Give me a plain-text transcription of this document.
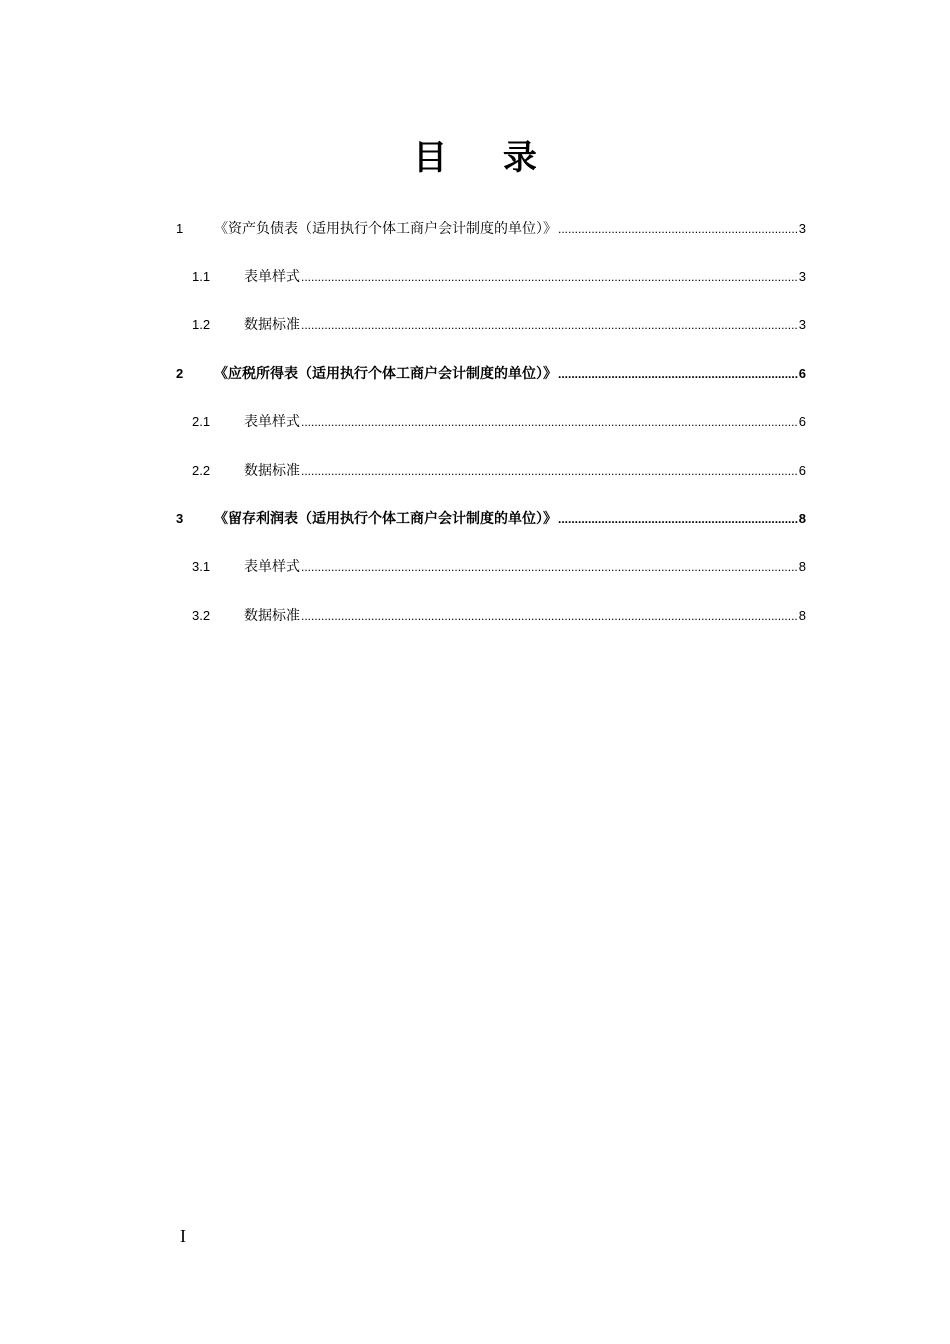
目 录
1	《资产负债表（适用执行个体工商户会计制度的单位）》 .....	3
1.1	表单样式 .....	3
1.2	数据标准 .....	3
2	《应税所得表（适用执行个体工商户会计制度的单位）》 .....	6
2.1	表单样式 .....	6
2.2	数据标准 .....	6
3	《留存利润表（适用执行个体工商户会计制度的单位）》 .....	8
3.1	表单样式 .....	8
3.2	数据标准 .....	8
I
